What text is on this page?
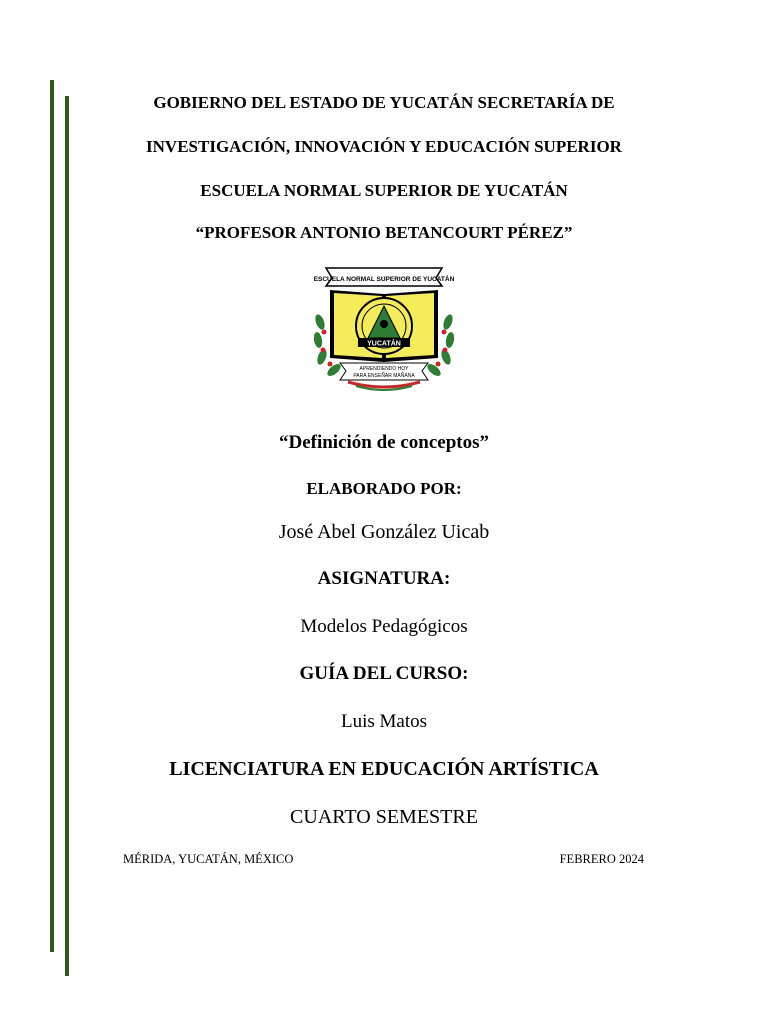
GOBIERNO DEL ESTADO DE YUCATÁN SECRETARÍA DE
INVESTIGACIÓN, INNOVACIÓN Y EDUCACIÓN SUPERIOR
ESCUELA NORMAL SUPERIOR DE YUCATÁN
“PROFESOR ANTONIO BETANCOURT PÉREZ”
ESCUELA NORMAL SUPERIOR DE YUCATÁN
YUCATÁN
APRENDIENDO HOY
PARA ENSEÑAR MAÑANA
“Definición de conceptos”
ELABORADO POR:
José Abel González Uicab
ASIGNATURA:
Modelos Pedagógicos
GUÍA DEL CURSO:
Luis Matos
LICENCIATURA EN EDUCACIÓN ARTÍSTICA
CUARTO SEMESTRE
MÉRIDA, YUCATÁN, MÉXICO	FEBRERO 2024
